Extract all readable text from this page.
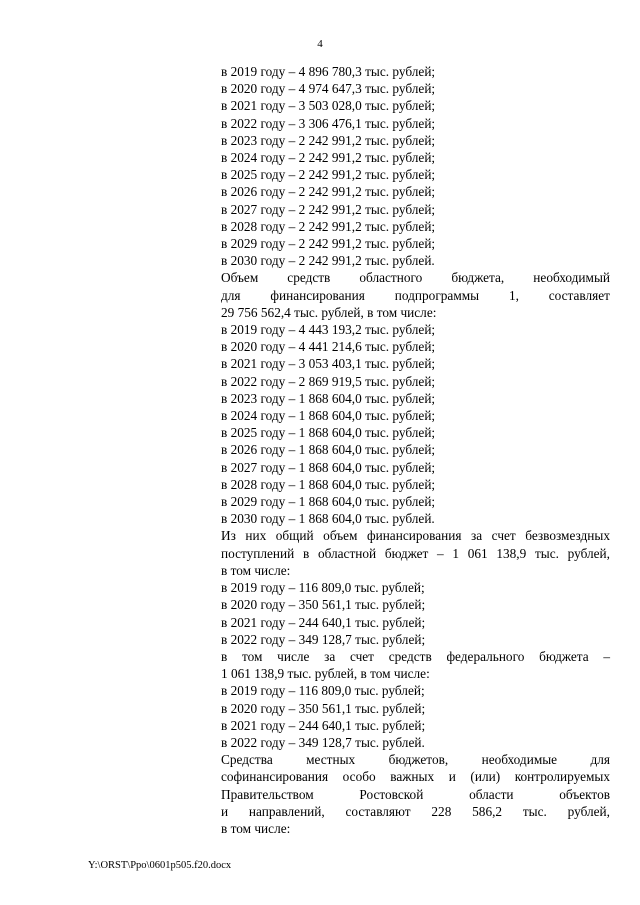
4
в 2019 году – 4 896 780,3 тыс. рублей;
в 2020 году – 4 974 647,3 тыс. рублей;
в 2021 году – 3 503 028,0 тыс. рублей;
в 2022 году – 3 306 476,1 тыс. рублей;
в 2023 году – 2 242 991,2 тыс. рублей;
в 2024 году – 2 242 991,2 тыс. рублей;
в 2025 году – 2 242 991,2 тыс. рублей;
в 2026 году – 2 242 991,2 тыс. рублей;
в 2027 году – 2 242 991,2 тыс. рублей;
в 2028 году – 2 242 991,2 тыс. рублей;
в 2029 году – 2 242 991,2 тыс. рублей;
в 2030 году – 2 242 991,2 тыс. рублей.
Объем средств областного бюджета, необходимый
для финансирования подпрограммы 1, составляет
29 756 562,4 тыс. рублей, в том числе:
в 2019 году – 4 443 193,2 тыс. рублей;
в 2020 году – 4 441 214,6 тыс. рублей;
в 2021 году – 3 053 403,1 тыс. рублей;
в 2022 году – 2 869 919,5 тыс. рублей;
в 2023 году – 1 868 604,0 тыс. рублей;
в 2024 году – 1 868 604,0 тыс. рублей;
в 2025 году – 1 868 604,0 тыс. рублей;
в 2026 году – 1 868 604,0 тыс. рублей;
в 2027 году – 1 868 604,0 тыс. рублей;
в 2028 году – 1 868 604,0 тыс. рублей;
в 2029 году – 1 868 604,0 тыс. рублей;
в 2030 году – 1 868 604,0 тыс. рублей.
Из них общий объем финансирования за счет безвозмездных
поступлений в областной бюджет – 1 061 138,9 тыс. рублей,
в том числе:
в 2019 году – 116 809,0 тыс. рублей;
в 2020 году – 350 561,1 тыс. рублей;
в 2021 году – 244 640,1 тыс. рублей;
в 2022 году – 349 128,7 тыс. рублей;
в том числе за счет средств федерального бюджета –
1 061 138,9 тыс. рублей, в том числе:
в 2019 году – 116 809,0 тыс. рублей;
в 2020 году – 350 561,1 тыс. рублей;
в 2021 году – 244 640,1 тыс. рублей;
в 2022 году – 349 128,7 тыс. рублей.
Средства местных бюджетов, необходимые для
софинансирования особо важных и (или) контролируемых
Правительством Ростовской области объектов
и направлений, составляют 228 586,2 тыс. рублей,
в том числе:
Y:\ORST\Ppo\0601p505.f20.docx
